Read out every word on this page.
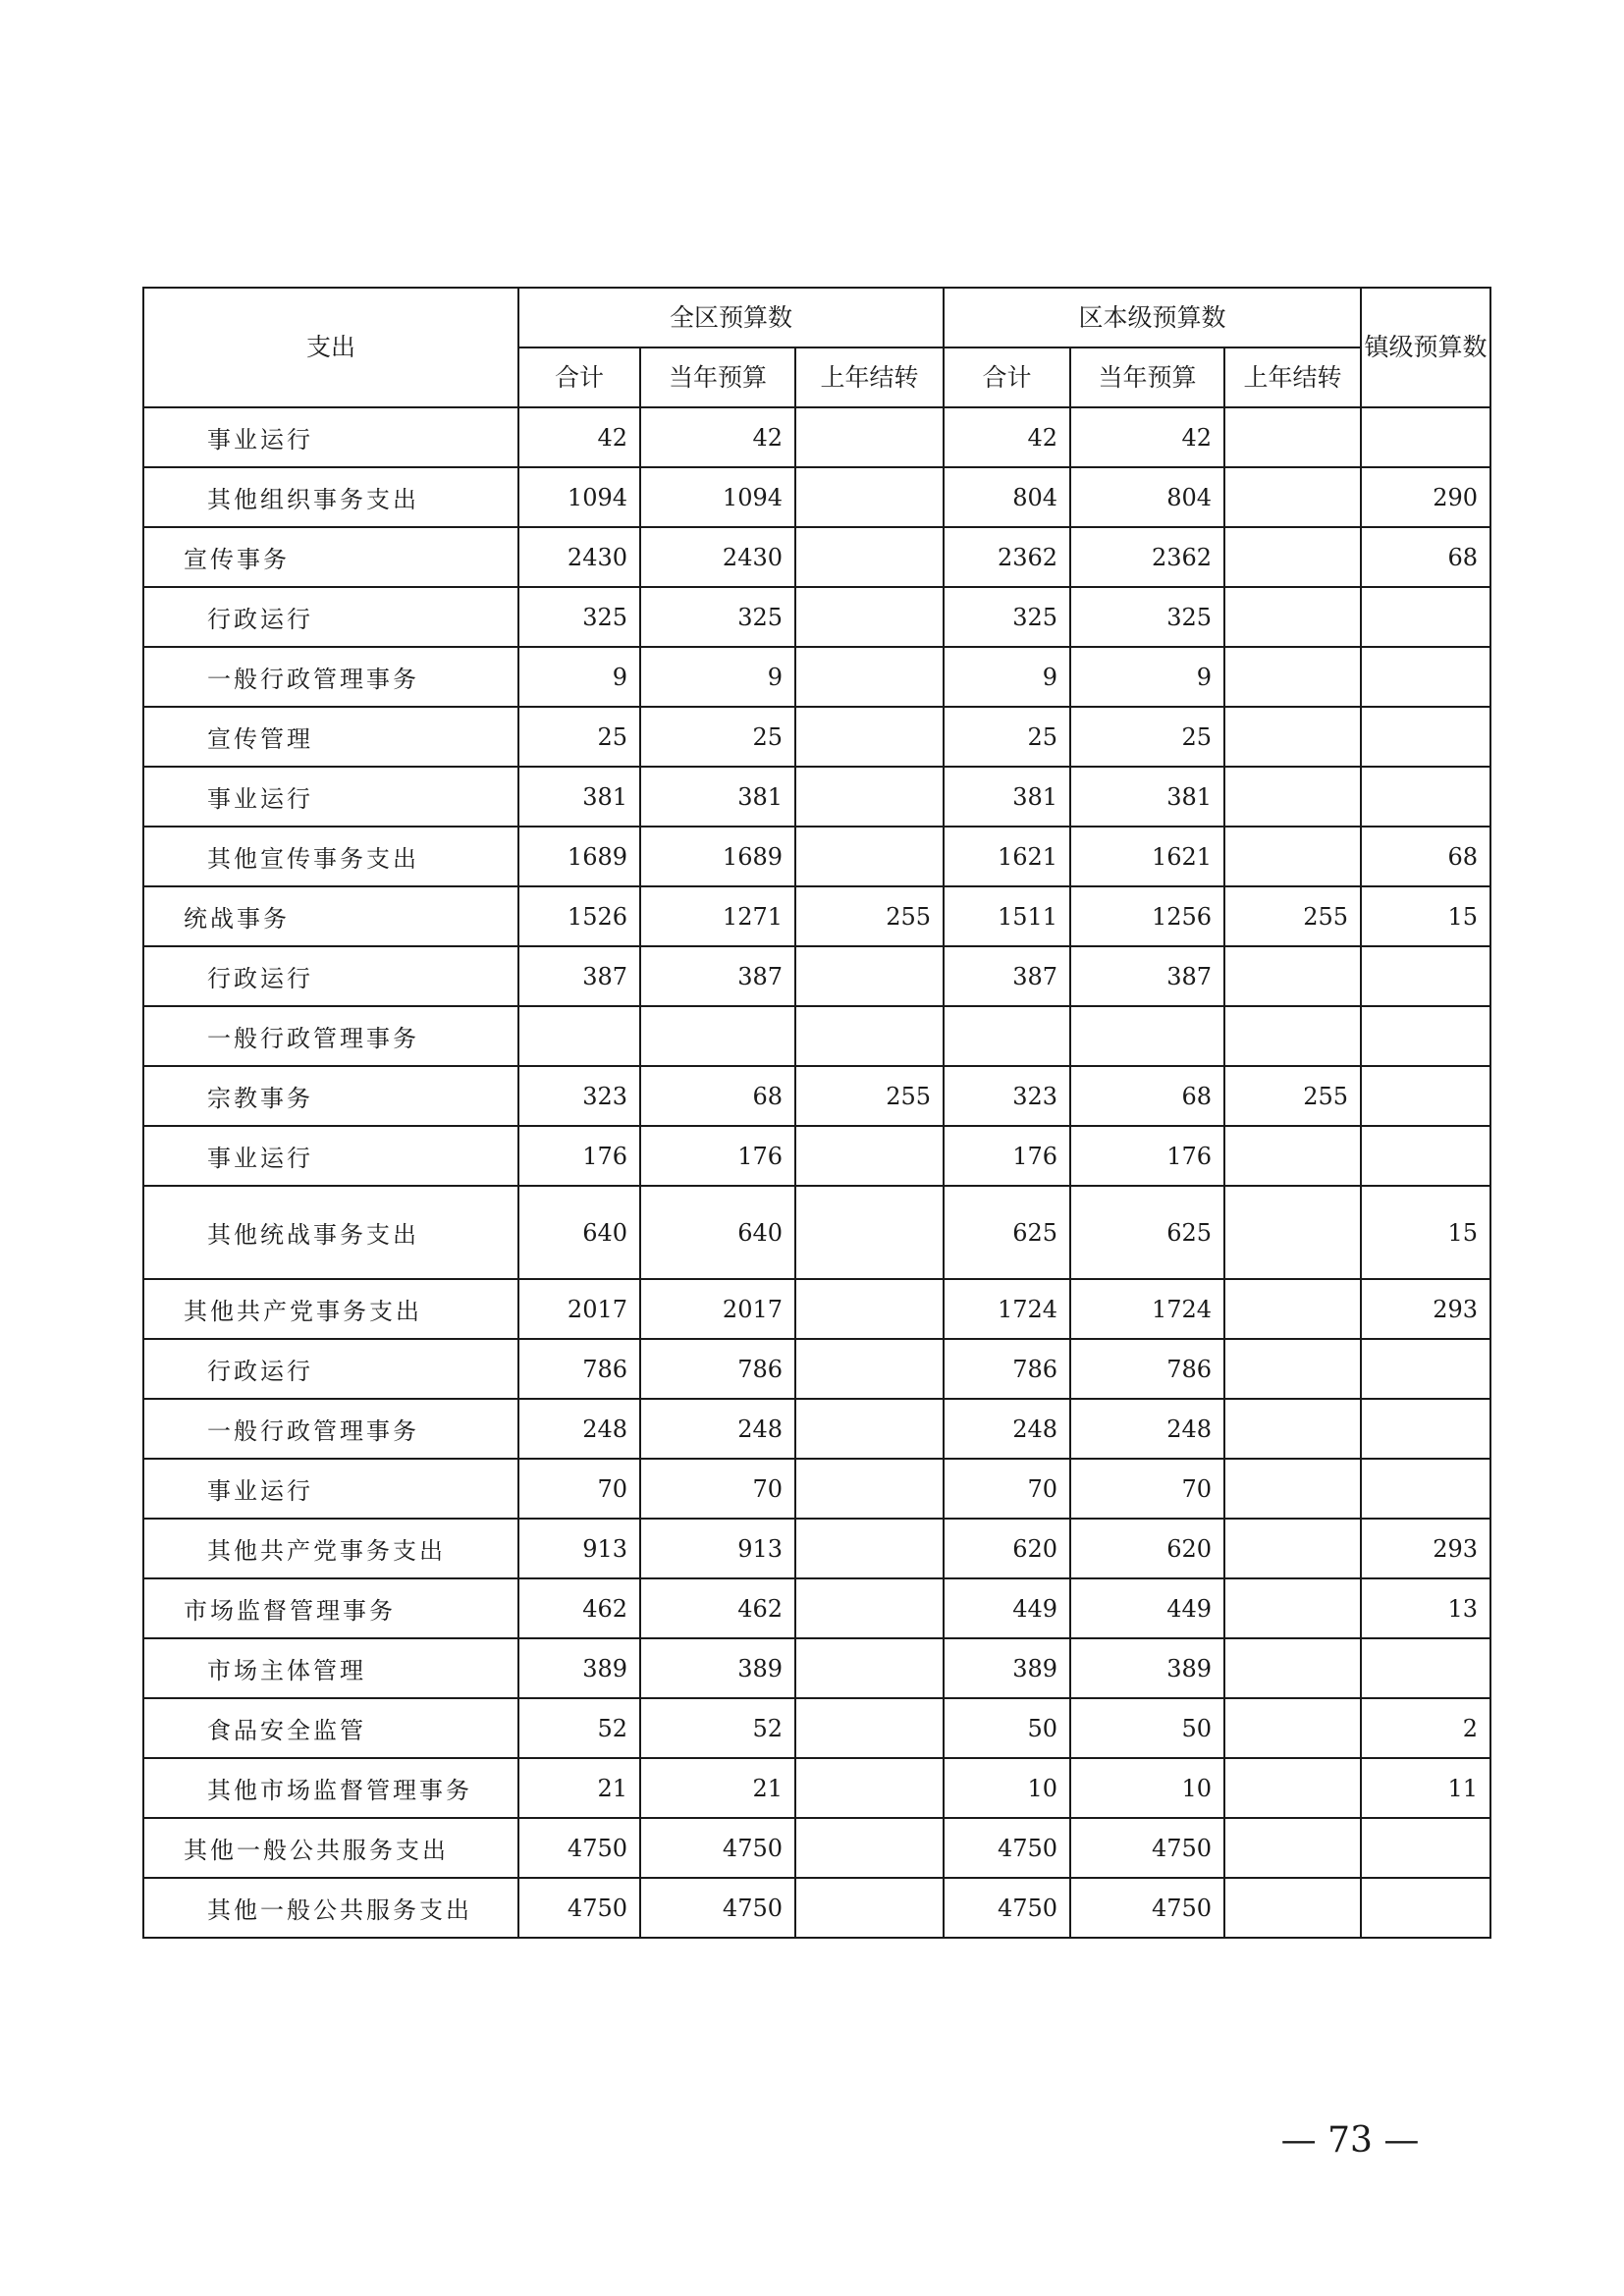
支出	全区预算数			区本级预算数			镇级预算数
	合计	当年预算	上年结转	合计	当年预算	上年结转	
事业运行	42	42		42	42		
其他组织事务支出	1094	1094		804	804		290
宣传事务	2430	2430		2362	2362		68
行政运行	325	325		325	325		
一般行政管理事务	9	9		9	9		
宣传管理	25	25		25	25		
事业运行	381	381		381	381		
其他宣传事务支出	1689	1689		1621	1621		68
统战事务	1526	1271	255	1511	1256	255	15
行政运行	387	387		387	387		
一般行政管理事务							
宗教事务	323	68	255	323	68	255	
事业运行	176	176		176	176		
其他统战事务支出	640	640		625	625		15
其他共产党事务支出	2017	2017		1724	1724		293
行政运行	786	786		786	786		
一般行政管理事务	248	248		248	248		
事业运行	70	70		70	70		
其他共产党事务支出	913	913		620	620		293
市场监督管理事务	462	462		449	449		13
市场主体管理	389	389		389	389		
食品安全监管	52	52		50	50		2
其他市场监督管理事务	21	21		10	10		11
其他一般公共服务支出	4750	4750		4750	4750		
其他一般公共服务支出	4750	4750		4750	4750		
— 73 —
